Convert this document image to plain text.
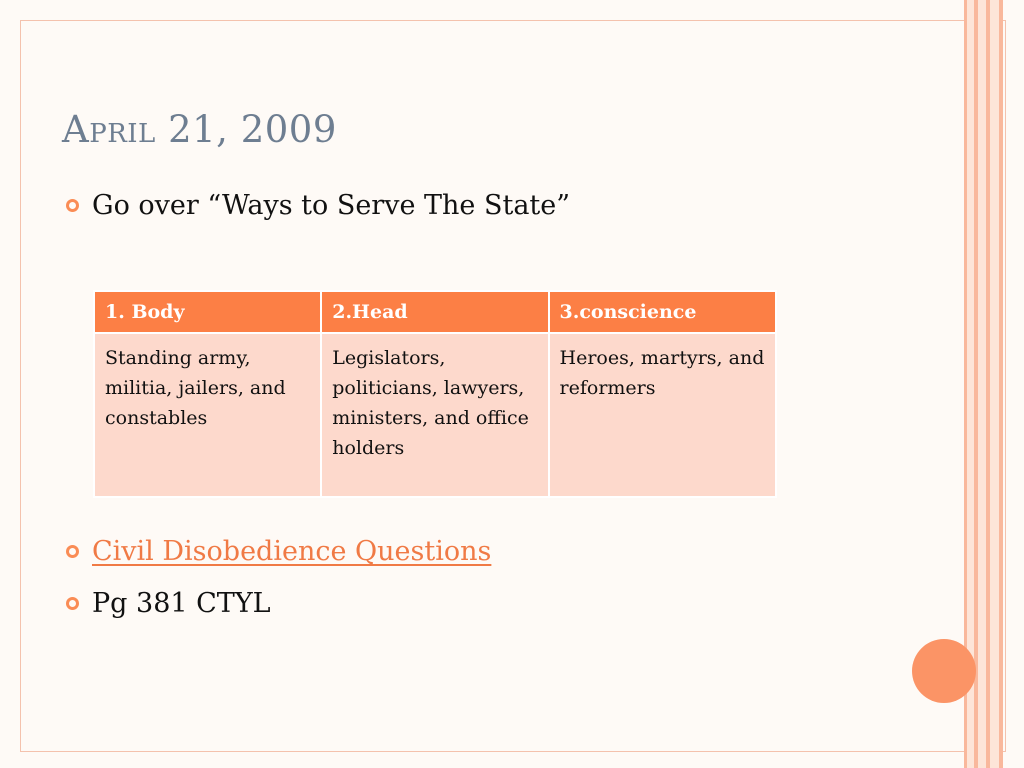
April 21, 2009
Go over “Ways to Serve The State”
1. Body	2.Head	3.conscience
Standing army, militia, jailers, and constables	Legislators, politicians, lawyers, ministers, and office holders	Heroes, martyrs, and reformers
Civil Disobedience Questions
Pg 381 CTYL
